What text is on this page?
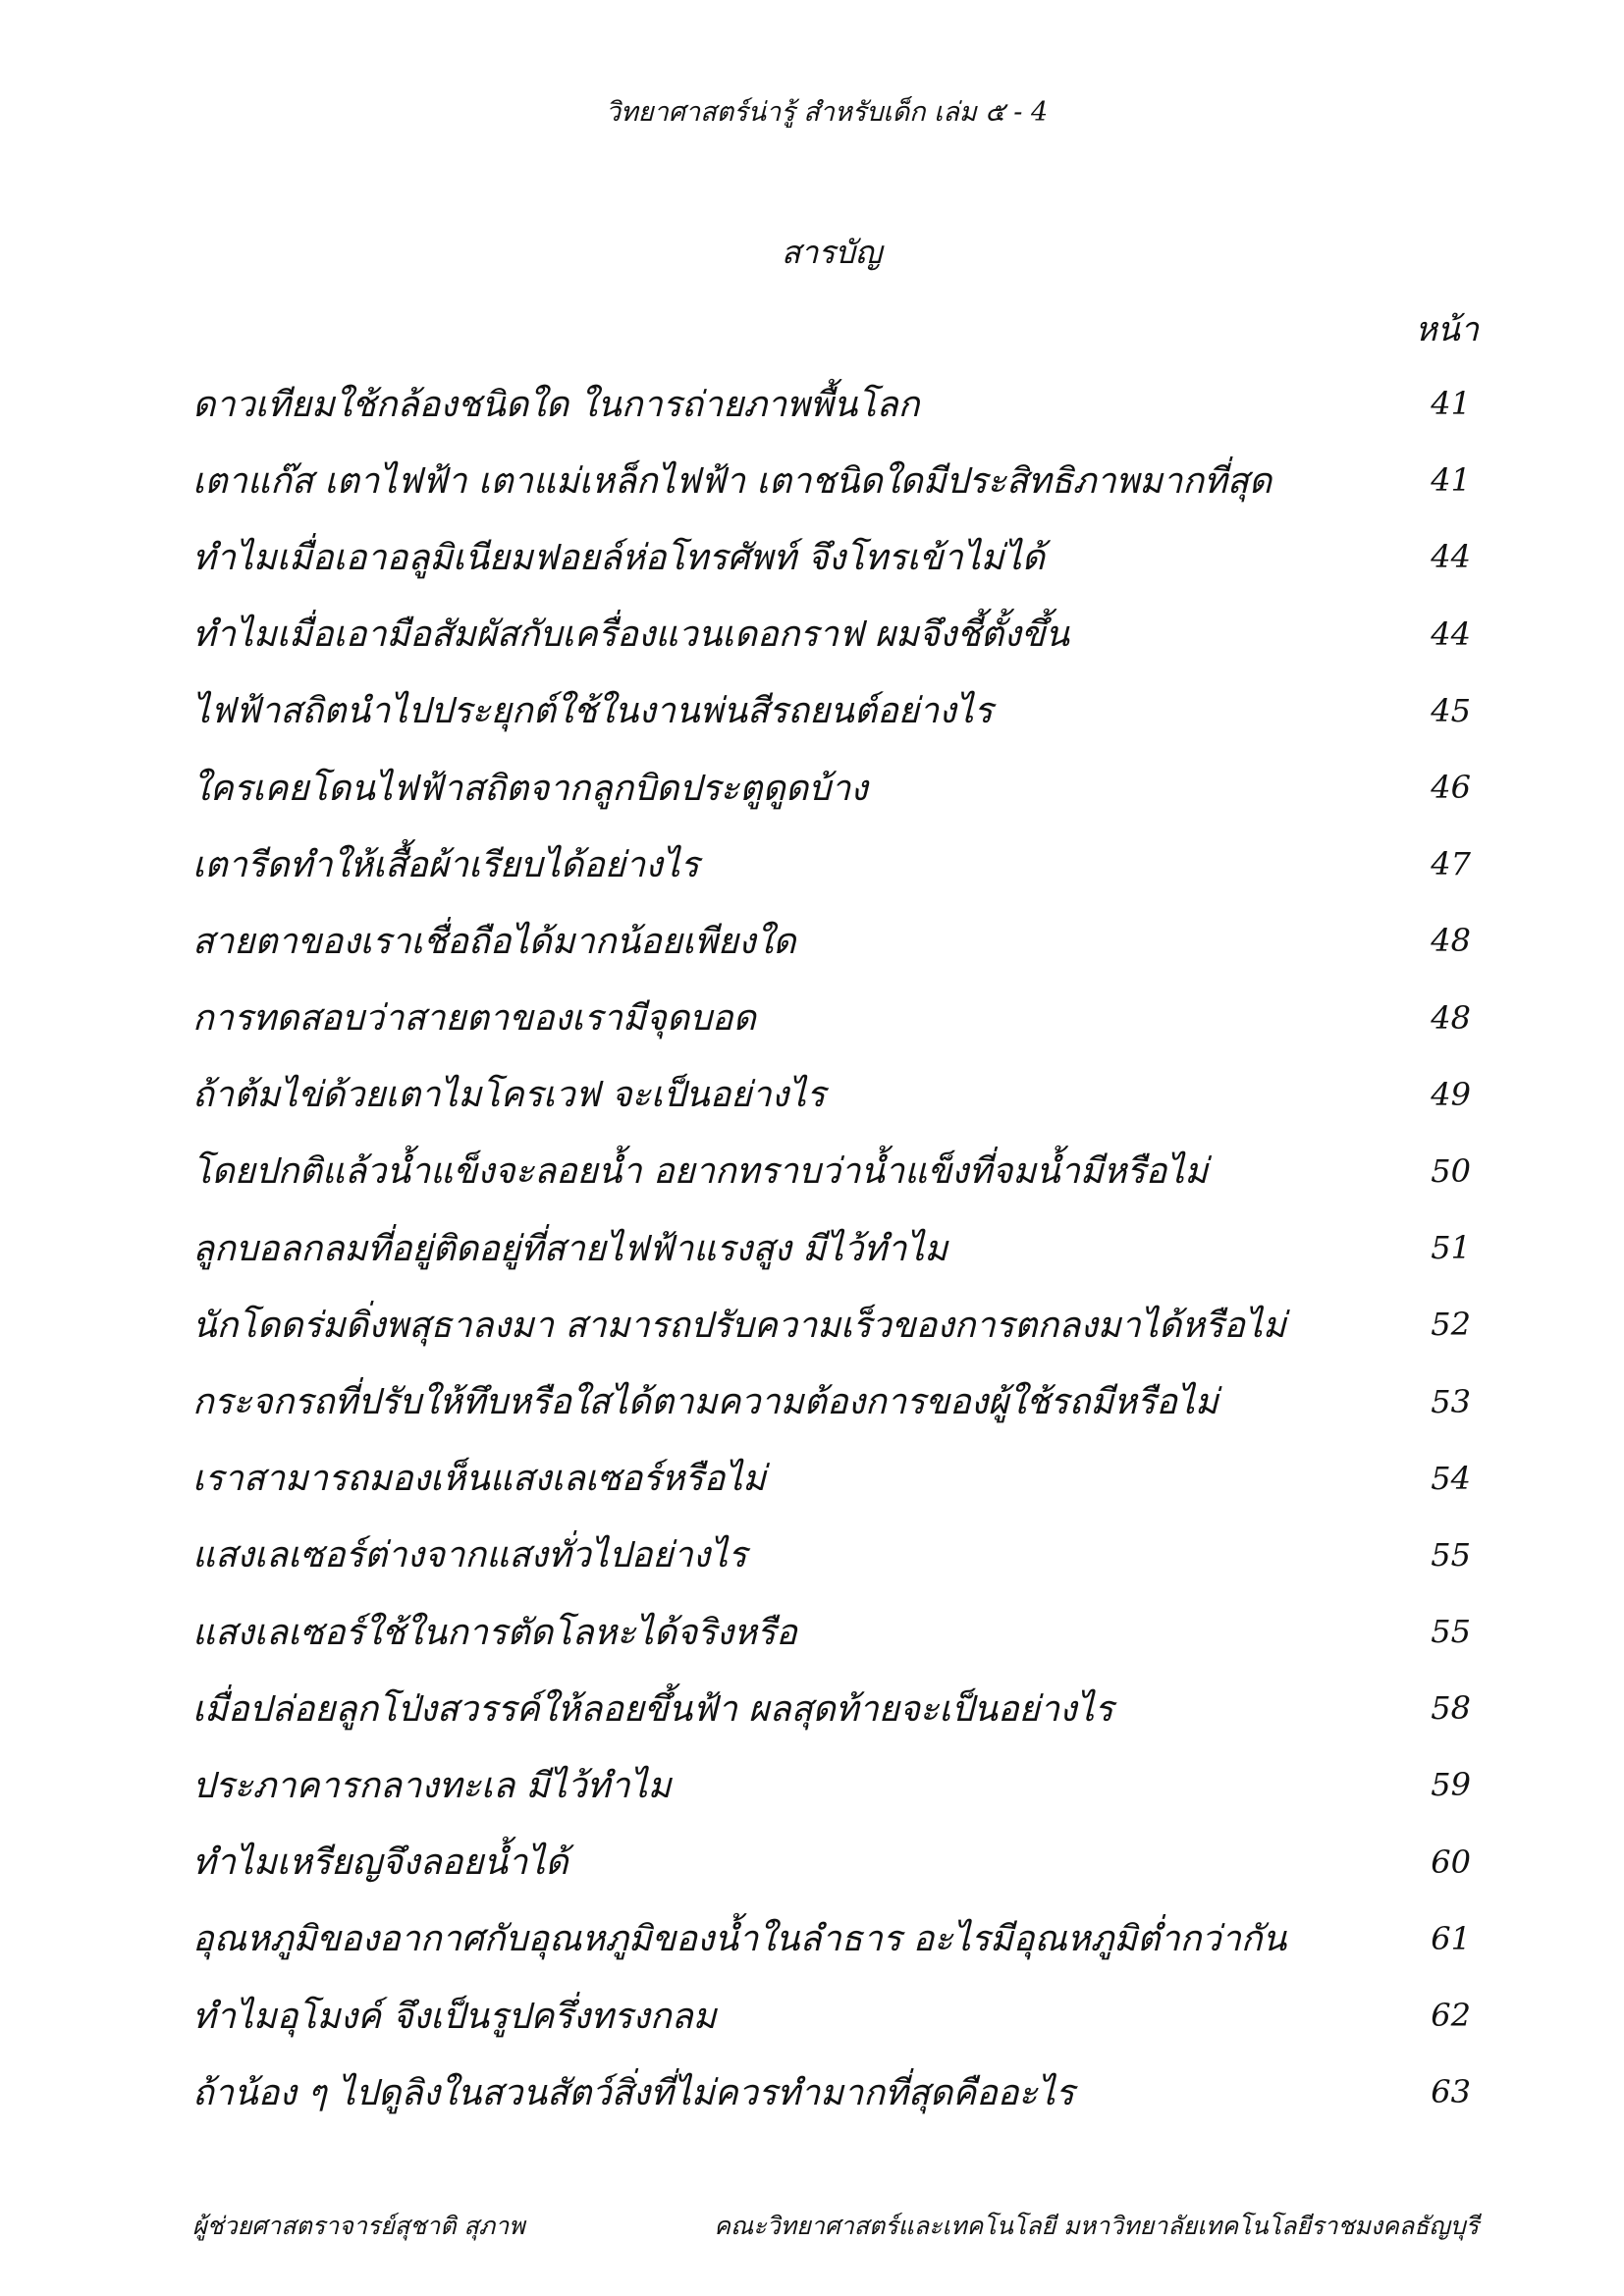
วิทยาศาสตร์น่ารู้ สำหรับเด็ก เล่ม ๕ - 4
สารบัญ
หน้า
ดาวเทียมใช้กล้องชนิดใด ในการถ่ายภาพพื้นโลก	41
เตาแก๊ส เตาไฟฟ้า เตาแม่เหล็กไฟฟ้า เตาชนิดใดมีประสิทธิภาพมากที่สุด	41
ทำไมเมื่อเอาอลูมิเนียมฟอยล์ห่อโทรศัพท์ จึงโทรเข้าไม่ได้	44
ทำไมเมื่อเอามือสัมผัสกับเครื่องแวนเดอกราฟ ผมจึงชี้ตั้งขึ้น	44
ไฟฟ้าสถิตนำไปประยุกต์ใช้ในงานพ่นสีรถยนต์อย่างไร	45
ใครเคยโดนไฟฟ้าสถิตจากลูกบิดประตูดูดบ้าง	46
เตารีดทำให้เสื้อผ้าเรียบได้อย่างไร	47
สายตาของเราเชื่อถือได้มากน้อยเพียงใด	48
การทดสอบว่าสายตาของเรามีจุดบอด	48
ถ้าต้มไข่ด้วยเตาไมโครเวฟ จะเป็นอย่างไร	49
โดยปกติแล้วน้ำแข็งจะลอยน้ำ อยากทราบว่าน้ำแข็งที่จมน้ำมีหรือไม่	50
ลูกบอลกลมที่อยู่ติดอยู่ที่สายไฟฟ้าแรงสูง มีไว้ทำไม	51
นักโดดร่มดิ่งพสุธาลงมา สามารถปรับความเร็วของการตกลงมาได้หรือไม่	52
กระจกรถที่ปรับให้ทึบหรือใสได้ตามความต้องการของผู้ใช้รถมีหรือไม่	53
เราสามารถมองเห็นแสงเลเซอร์หรือไม่	54
แสงเลเซอร์ต่างจากแสงทั่วไปอย่างไร	55
แสงเลเซอร์ใช้ในการตัดโลหะได้จริงหรือ	55
เมื่อปล่อยลูกโป่งสวรรค์ให้ลอยขึ้นฟ้า ผลสุดท้ายจะเป็นอย่างไร	58
ประภาคารกลางทะเล มีไว้ทำไม	59
ทำไมเหรียญจึงลอยน้ำได้	60
อุณหภูมิของอากาศกับอุณหภูมิของน้ำในลำธาร อะไรมีอุณหภูมิต่ำกว่ากัน	61
ทำไมอุโมงค์ จึงเป็นรูปครึ่งทรงกลม	62
ถ้าน้อง ๆ ไปดูลิงในสวนสัตว์สิ่งที่ไม่ควรทำมากที่สุดคืออะไร	63
ผู้ช่วยศาสตราจารย์สุชาติ สุภาพ	คณะวิทยาศาสตร์และเทคโนโลยี มหาวิทยาลัยเทคโนโลยีราชมงคลธัญบุรี
